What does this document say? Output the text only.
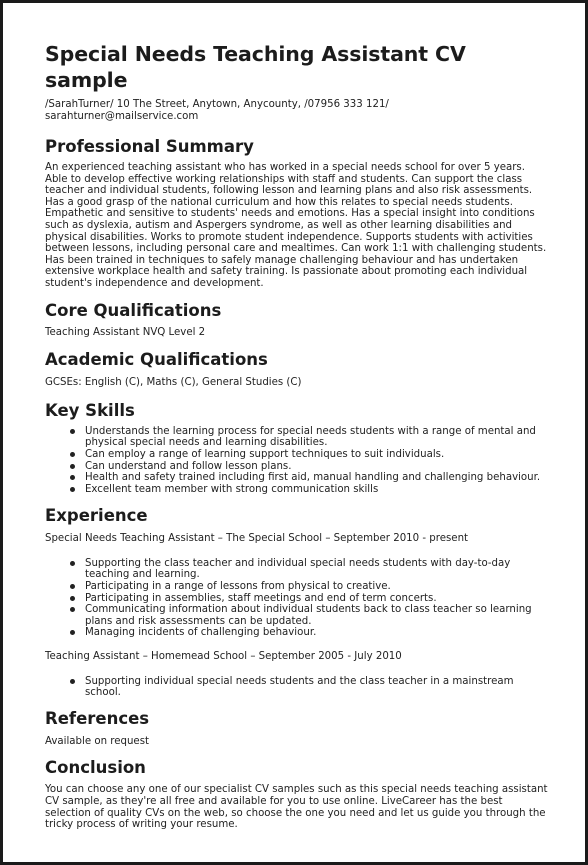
Special Needs Teaching Assistant CV sample
/SarahTurner/ 10 The Street, Anytown, Anycounty, /07956 333 121/
sarahturner@mailservice.com
Professional Summary

An experienced teaching assistant who has worked in a special needs school for over 5 years. Able to develop effective working relationships with staff and students. Can support the class teacher and individual students, following lesson and learning plans and also risk assessments. Has a good grasp of the national curriculum and how this relates to special needs students. Empathetic and sensitive to students' needs and emotions. Has a special insight into conditions such as dyslexia, autism and Aspergers syndrome, as well as other learning disabilities and physical disabilities. Works to promote student independence. Supports students with activities between lessons, including personal care and mealtimes. Can work 1:1 with challenging students. Has been trained in techniques to safely manage challenging behaviour and has undertaken extensive workplace health and safety training. Is passionate about promoting each individual student's independence and development.

Core Qualifications

Teaching Assistant NVQ Level 2

Academic Qualifications

GCSEs: English (C), Maths (C), General Studies (C)

Key Skills
Understands the learning process for special needs students with a range of mental and physical special needs and learning disabilities.
Can employ a range of learning support techniques to suit individuals.
Can understand and follow lesson plans.
Health and safety trained including first aid, manual handling and challenging behaviour.
Excellent team member with strong communication skills
Experience

Special Needs Teaching Assistant – The Special School – September 2010 - present

Supporting the class teacher and individual special needs students with day-to-day teaching and learning.
Participating in a range of lessons from physical to creative.
Participating in assemblies, staff meetings and end of term concerts.
Communicating information about individual students back to class teacher so learning plans and risk assessments can be updated.
Managing incidents of challenging behaviour.

Teaching Assistant – Homemead School – September 2005 - July 2010

Supporting individual special needs students and the class teacher in a mainstream school.
References

Available on request

Conclusion

You can choose any one of our specialist CV samples such as this special needs teaching assistant CV sample, as they're all free and available for you to use online. LiveCareer has the best selection of quality CVs on the web, so choose the one you need and let us guide you through the tricky process of writing your resume.
